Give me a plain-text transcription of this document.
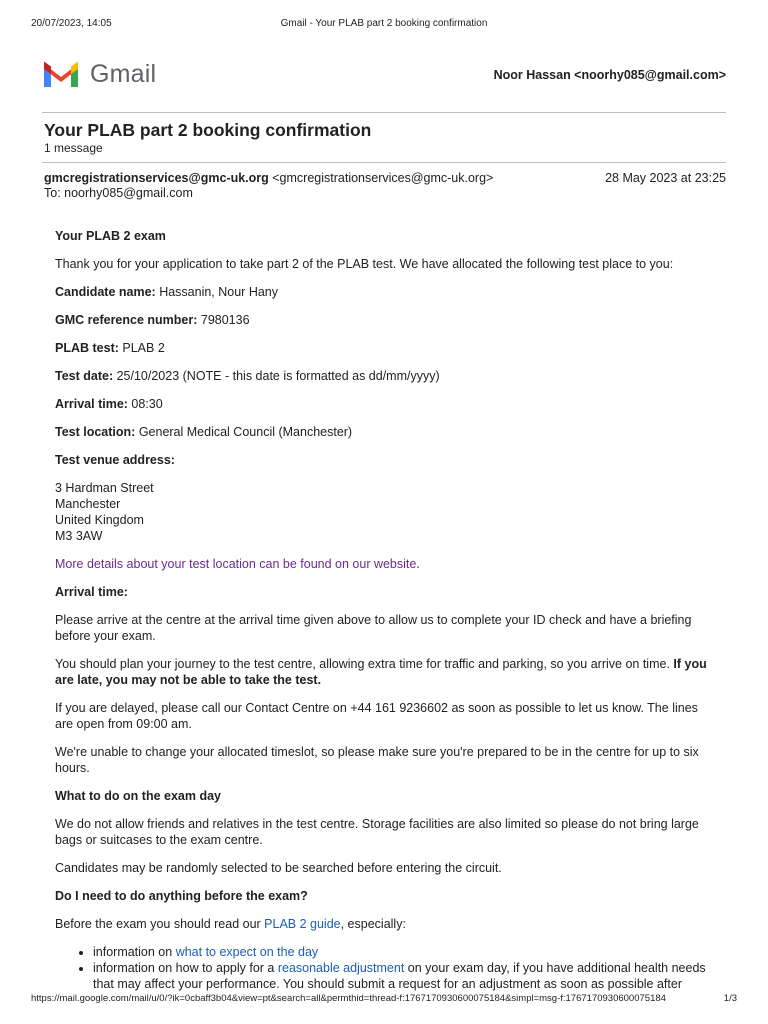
20/07/2023, 14:05	Gmail - Your PLAB part 2 booking confirmation
Gmail	Noor Hassan <noorhy085@gmail.com>
Your PLAB part 2 booking confirmation
1 message
gmcregistrationservices@gmc-uk.org <gmcregistrationservices@gmc-uk.org>	28 May 2023 at 23:25
To: noorhy085@gmail.com

Your PLAB 2 exam

Thank you for your application to take part 2 of the PLAB test. We have allocated the following test place to you:

Candidate name: Hassanin, Nour Hany

GMC reference number: 7980136

PLAB test: PLAB 2

Test date: 25/10/2023 (NOTE - this date is formatted as dd/mm/yyyy)

Arrival time: 08:30

Test location: General Medical Council (Manchester)

Test venue address:

3 Hardman Street
Manchester
United Kingdom
M3 3AW

More details about your test location can be found on our website.

Arrival time:

Please arrive at the centre at the arrival time given above to allow us to complete your ID check and have a briefing before your exam.

You should plan your journey to the test centre, allowing extra time for traffic and parking, so you arrive on time. If you are late, you may not be able to take the test.

If you are delayed, please call our Contact Centre on +44 161 9236602 as soon as possible to let us know. The lines are open from 09:00 am.

We're unable to change your allocated timeslot, so please make sure you're prepared to be in the centre for up to six hours.

What to do on the exam day

We do not allow friends and relatives in the test centre. Storage facilities are also limited so please do not bring large bags or suitcases to the exam centre.

Candidates may be randomly selected to be searched before entering the circuit.

Do I need to do anything before the exam?

Before the exam you should read our PLAB 2 guide, especially:

• information on what to expect on the day
• information on how to apply for a reasonable adjustment on your exam day, if you have additional health needs that may affect your performance. You should submit a request for an adjustment as soon as possible after
https://mail.google.com/mail/u/0/?ik=0cbaff3b04&view=pt&search=all&permthid=thread-f:1767170930600075184&simpl=msg-f:1767170930600075184	1/3
